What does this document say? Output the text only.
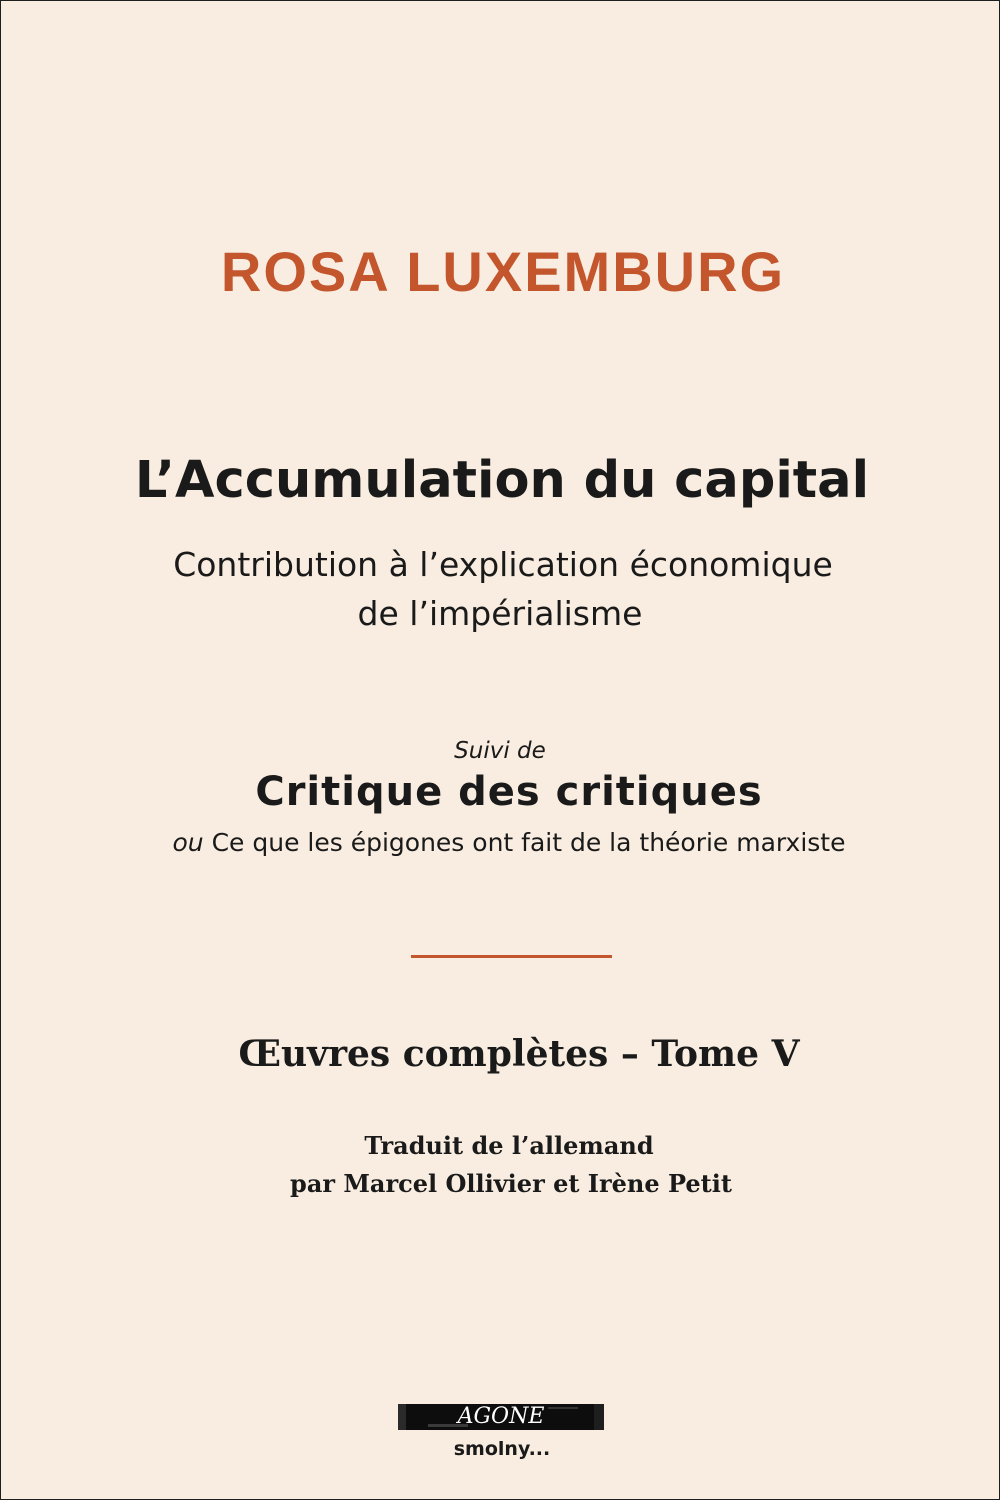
ROSA LUXEMBURG
L’Accumulation du capital
Contribution à l’explication économique
de l’impérialisme
Suivi de
Critique des critiques
ou Ce que les épigones ont fait de la théorie marxiste
Œuvres complètes – Tome V
Traduit de l’allemand
par Marcel Ollivier et Irène Petit
AGONE
smolny...
